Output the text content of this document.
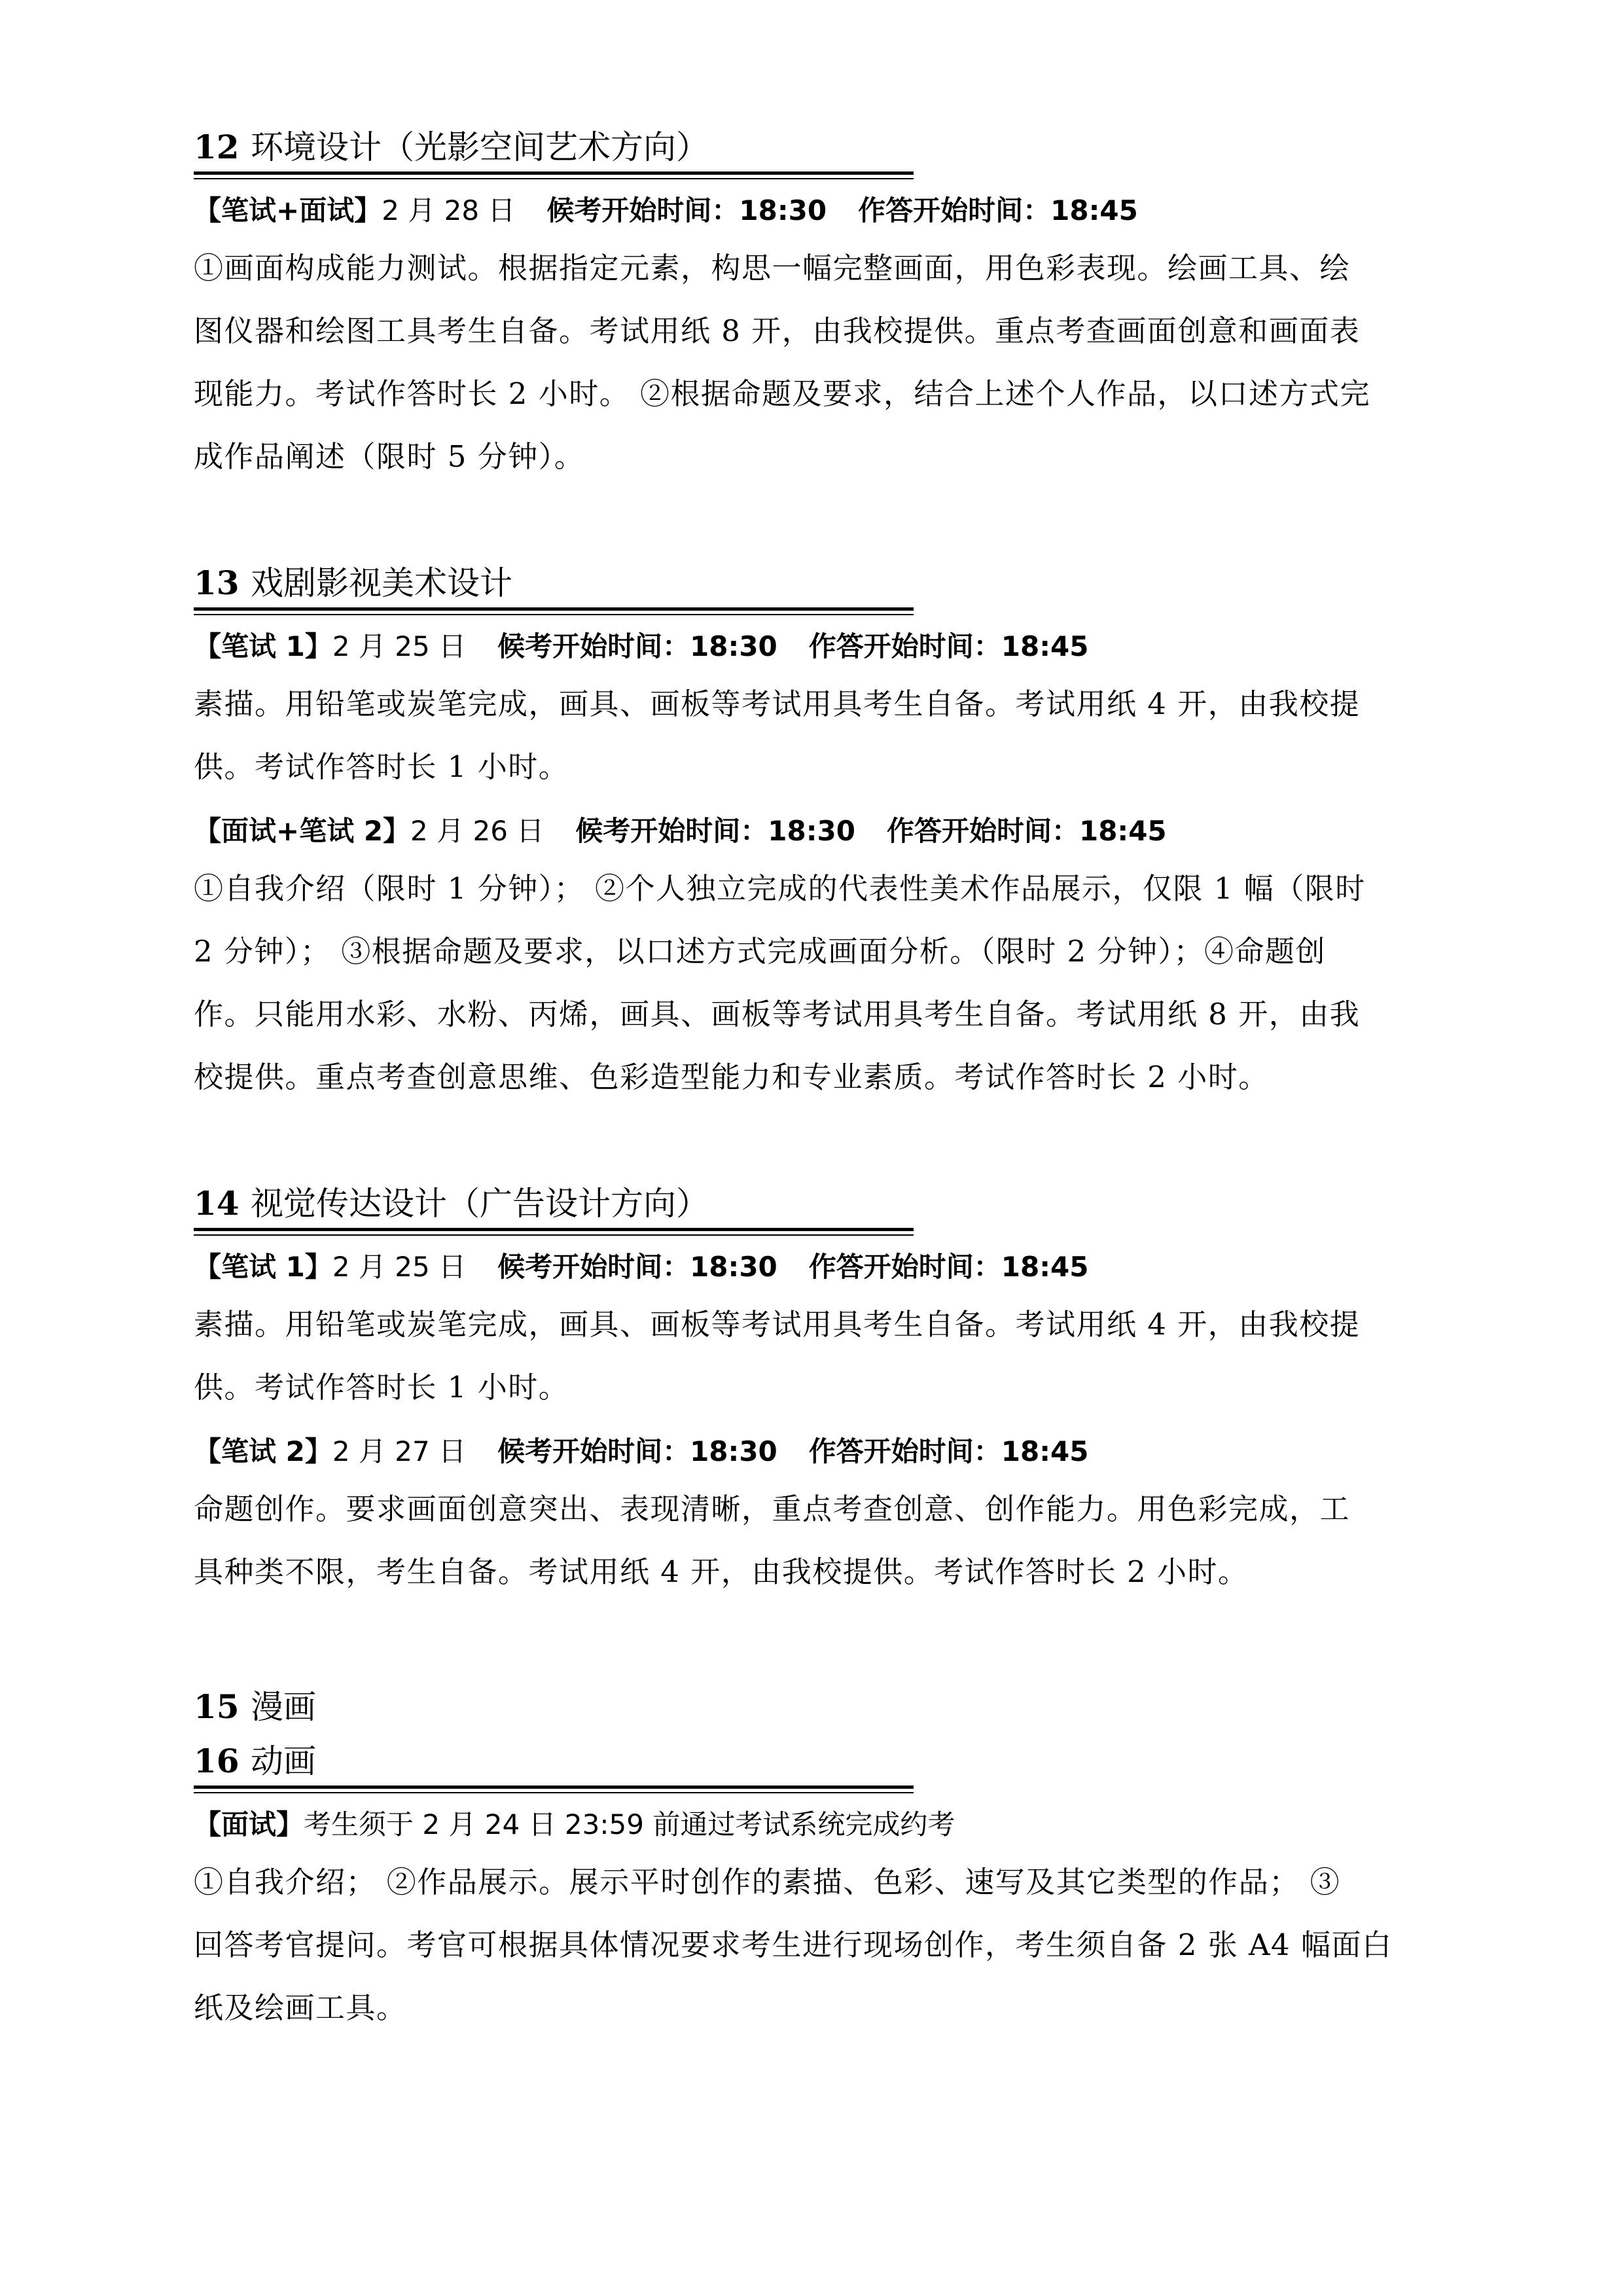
12 环境设计（光影空间艺术方向）
【笔试+面试】2 月 28 日 候考开始时间：18:30 作答开始时间：18:45
①画面构成能力测试。根据指定元素，构思一幅完整画面，用色彩表现。绘画工具、绘
图仪器和绘图工具考生自备。考试用纸 8 开，由我校提供。重点考查画面创意和画面表
现能力。考试作答时长 2 小时。 ②根据命题及要求，结合上述个人作品，以口述方式完
成作品阐述（限时 5 分钟）。
13 戏剧影视美术设计
【笔试 1】2 月 25 日 候考开始时间：18:30 作答开始时间：18:45
素描。用铅笔或炭笔完成，画具、画板等考试用具考生自备。考试用纸 4 开，由我校提
供。考试作答时长 1 小时。
【面试+笔试 2】2 月 26 日 候考开始时间：18:30 作答开始时间：18:45
①自我介绍（限时 1 分钟）； ②个人独立完成的代表性美术作品展示，仅限 1 幅（限时
2 分钟）； ③根据命题及要求，以口述方式完成画面分析。（限时 2 分钟）；④命题创
作。只能用水彩、水粉、丙烯，画具、画板等考试用具考生自备。考试用纸 8 开，由我
校提供。重点考查创意思维、色彩造型能力和专业素质。考试作答时长 2 小时。
14 视觉传达设计（广告设计方向）
【笔试 1】2 月 25 日 候考开始时间：18:30 作答开始时间：18:45
素描。用铅笔或炭笔完成，画具、画板等考试用具考生自备。考试用纸 4 开，由我校提
供。考试作答时长 1 小时。
【笔试 2】2 月 27 日 候考开始时间：18:30 作答开始时间：18:45
命题创作。要求画面创意突出、表现清晰，重点考查创意、创作能力。用色彩完成，工
具种类不限，考生自备。考试用纸 4 开，由我校提供。考试作答时长 2 小时。
15 漫画
16 动画
【面试】考生须于 2 月 24 日 23:59 前通过考试系统完成约考
①自我介绍； ②作品展示。展示平时创作的素描、色彩、速写及其它类型的作品； ③
回答考官提问。考官可根据具体情况要求考生进行现场创作，考生须自备 2 张 A4 幅面白
纸及绘画工具。
